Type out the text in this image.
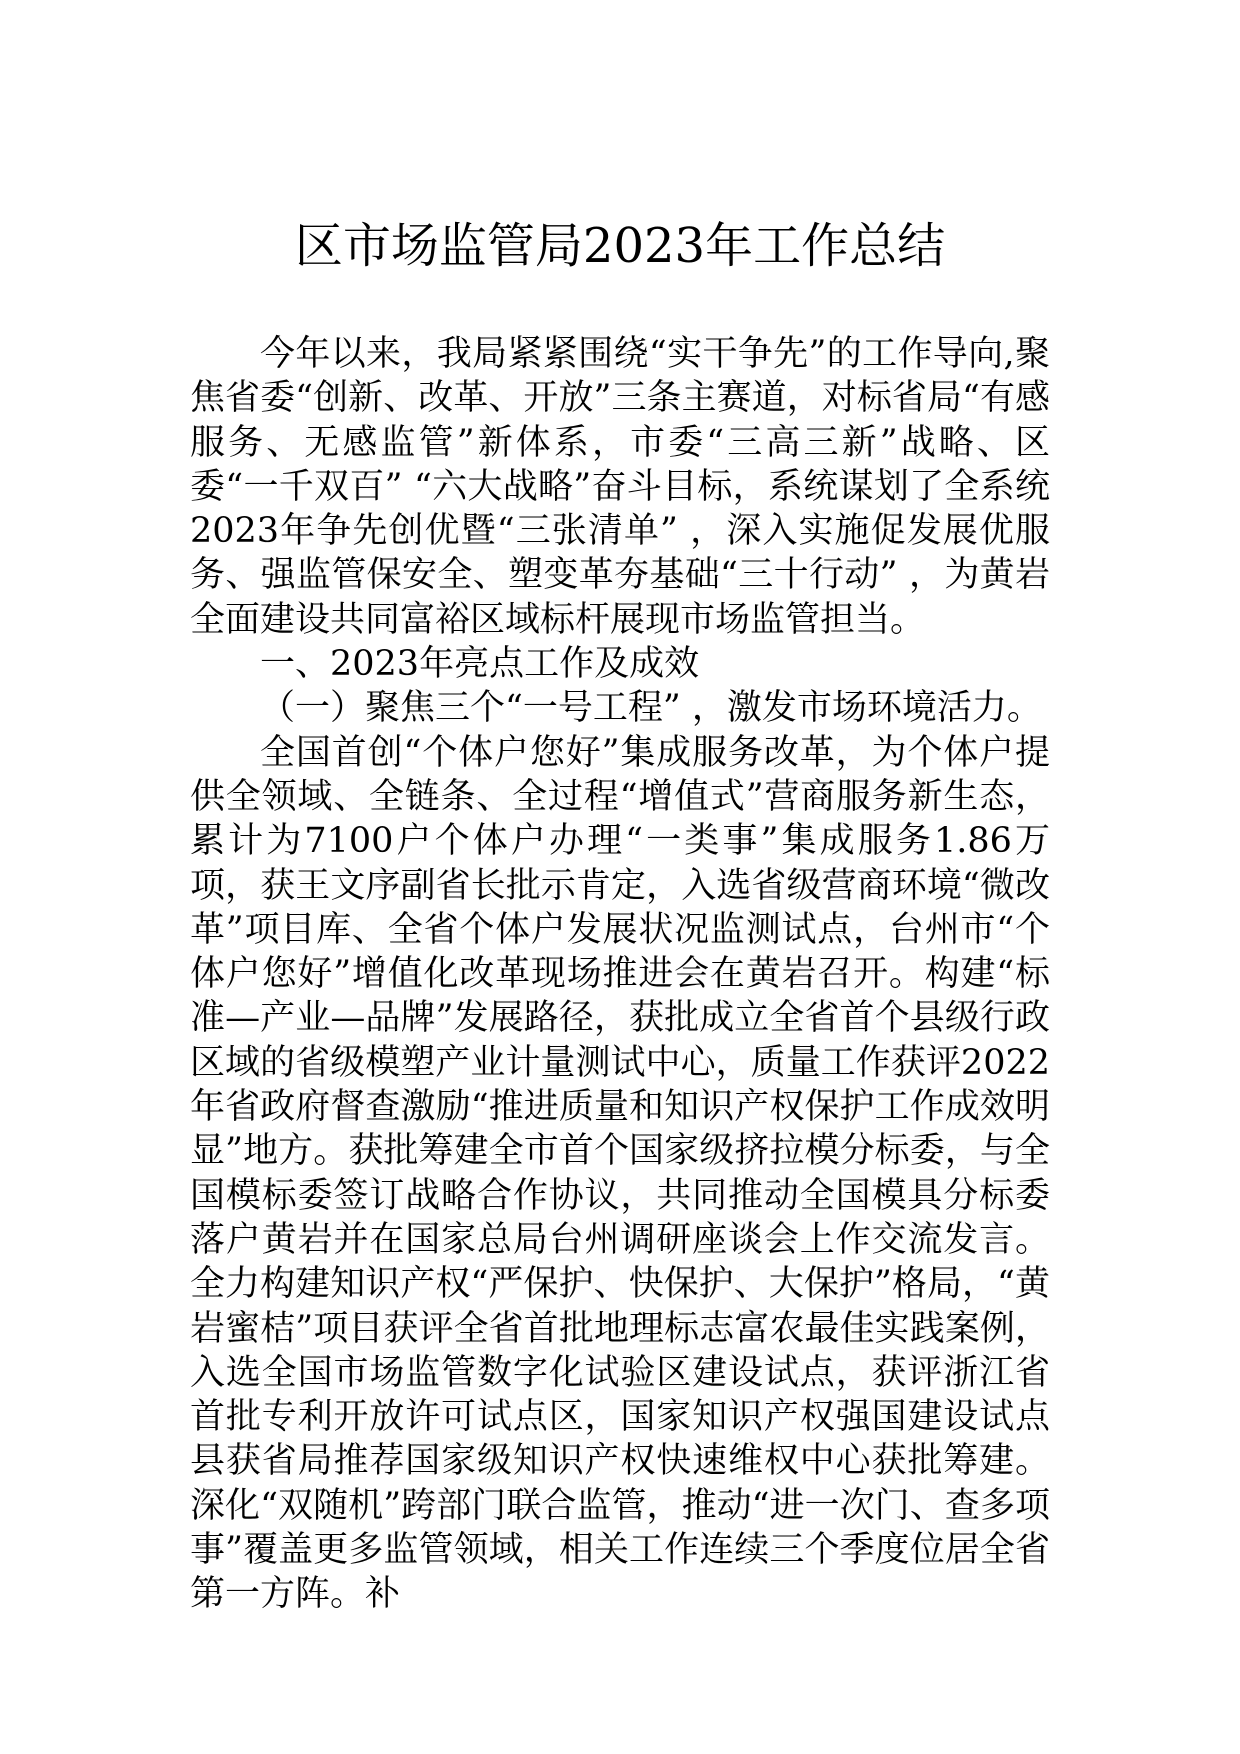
区市场监管局2023年工作总结

今年以来，我局紧紧围绕“实干争先”的工作导向,聚焦省委“创新、改革、开放”三条主赛道，对标省局“有感服务、无感监管”新体系，市委“三高三新”战略、区委“一千双百” “六大战略”奋斗目标，系统谋划了全系统2023年争先创优暨“三张清单” ，深入实施促发展优服务、强监管保安全、塑变革夯基础“三十行动” ，为黄岩全面建设共同富裕区域标杆展现市场监管担当。

一、2023年亮点工作及成效

（一）聚焦三个“一号工程” ，激发市场环境活力。

全国首创“个体户您好”集成服务改革，为个体户提供全领域、全链条、全过程“增值式”营商服务新生态，累计为7100户个体户办理“一类事”集成服务1.86万项，获王文序副省长批示肯定，入选省级营商环境“微改革”项目库、全省个体户发展状况监测试点，台州市“个体户您好”增值化改革现场推进会在黄岩召开。构建“标准—产业—品牌”发展路径，获批成立全省首个县级行政区域的省级模塑产业计量测试中心，质量工作获评2022年省政府督查激励“推进质量和知识产权保护工作成效明显”地方。获批筹建全市首个国家级挤拉模分标委，与全国模标委签订战略合作协议，共同推动全国模具分标委落户黄岩并在国家总局台州调研座谈会上作交流发言。全力构建知识产权“严保护、快保护、大保护”格局，“黄岩蜜桔”项目获评全省首批地理标志富农最佳实践案例，入选全国市场监管数字化试验区建设试点，获评浙江省首批专利开放许可试点区，国家知识产权强国建设试点县获省局推荐国家级知识产权快速维权中心获批筹建。深化“双随机”跨部门联合监管，推动“进一次门、查多项事”覆盖更多监管领域，相关工作连续三个季度位居全省第一方阵。补
